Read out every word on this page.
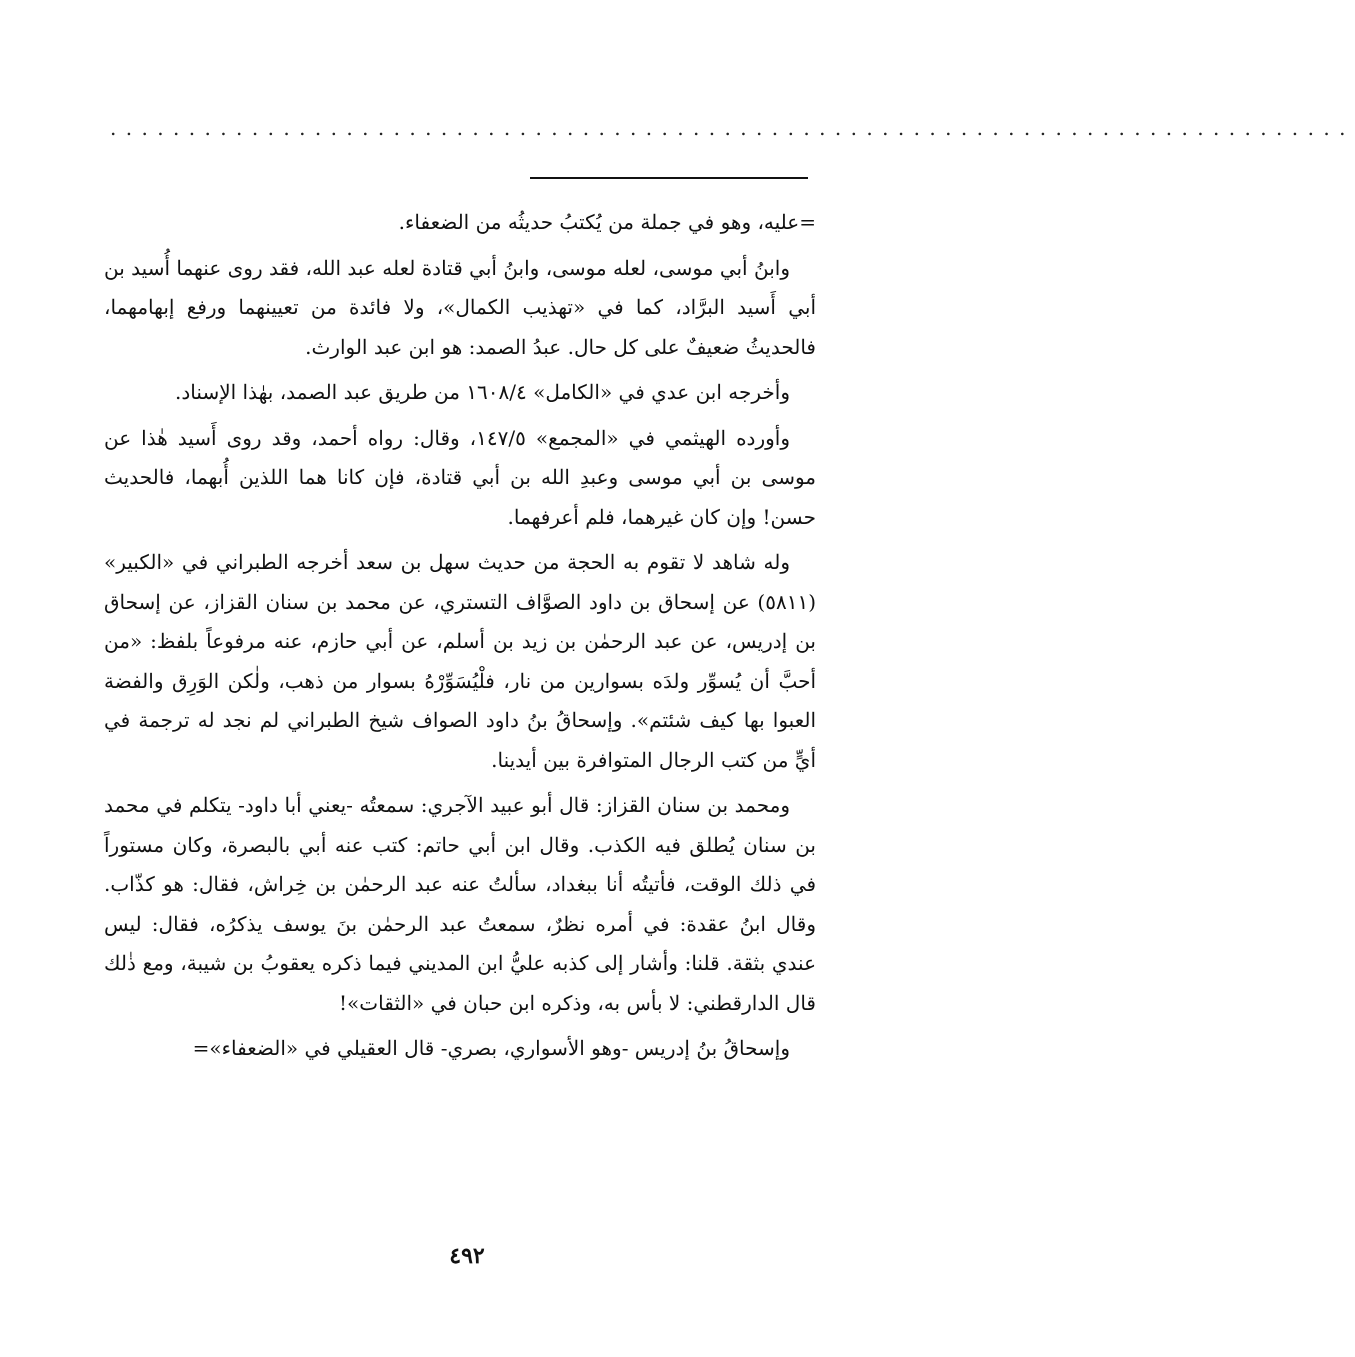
...............................................................................

=عليه، وهو في جملة من يُكتبُ حديثُه من الضعفاء.

وابنُ أبي موسى، لعله موسى، وابنُ أبي قتادة لعله عبد الله، فقد روى عنهما أُسيد بن أبي أَسيد البرَّاد، كما في «تهذيب الكمال»، ولا فائدة من تعيينهما ورفع إبهامهما، فالحديثُ ضعيفٌ على كل حال. عبدُ الصمد: هو ابن عبد الوارث.

وأخرجه ابن عدي في «الكامل» ١٦٠٨/٤ من طريق عبد الصمد، بهٰذا الإسناد.

وأورده الهيثمي في «المجمع» ١٤٧/٥، وقال: رواه أحمد، وقد روى أَسيد هٰذا عن موسى بن أبي موسى وعبدِ الله بن أبي قتادة، فإن كانا هما اللذين أُبهما، فالحديث حسن! وإن كان غيرهما، فلم أعرفهما.

وله شاهد لا تقوم به الحجة من حديث سهل بن سعد أخرجه الطبراني في «الكبير» (٥٨١١) عن إسحاق بن داود الصوَّاف التستري، عن محمد بن سنان القزاز، عن إسحاق بن إدريس، عن عبد الرحمٰن بن زيد بن أسلم، عن أبي حازم، عنه مرفوعاً بلفظ: «من أحبَّ أن يُسوِّر ولدَه بسوارين من نار، فلْيُسَوِّرْهُ بسوار من ذهب، ولٰكن الوَرِق والفضة العبوا بها كيف شئتم». وإسحاقُ بنُ داود الصواف شيخ الطبراني لم نجد له ترجمة في أيٍّ من كتب الرجال المتوافرة بين أيدينا.

ومحمد بن سنان القزاز: قال أبو عبيد الآجري: سمعتُه -يعني أبا داود- يتكلم في محمد بن سنان يُطلق فيه الكذب. وقال ابن أبي حاتم: كتب عنه أبي بالبصرة، وكان مستوراً في ذلك الوقت، فأتيتُه أنا ببغداد، سألتُ عنه عبد الرحمٰن بن خِراش، فقال: هو كذّاب. وقال ابنُ عقدة: في أمره نظرٌ، سمعتُ عبد الرحمٰن بنَ يوسف يذكرُه، فقال: ليس عندي بثقة. قلنا: وأشار إلى كذبه عليُّ ابن المديني فيما ذكره يعقوبُ بن شيبة، ومع ذٰلك قال الدارقطني: لا بأس به، وذكره ابن حبان في «الثقات»!

وإسحاقُ بنُ إدريس -وهو الأسواري، بصري- قال العقيلي في «الضعفاء»=

٤٩٢
